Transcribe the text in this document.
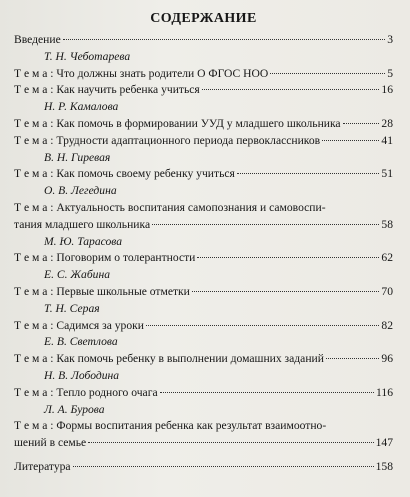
СОДЕРЖАНИЕ
Введение	3
Т. Н. Чеботарева
Т е м а : Что должны знать родители О ФГОС НОО	5
Т е м а : Как научить ребенка учиться	16
Н. Р. Камалова
Т е м а : Как помочь в формировании УУД у младшего школьника	28
Т е м а : Трудности адаптационного периода первоклассников	41
В. Н. Гиревая
Т е м а : Как помочь своему ребенку учиться	51
О. В. Легедина
Т е м а : Актуальность воспитания самопознания и самовоспи-
тания младшего школьника	58
М. Ю. Тарасова
Т е м а : Поговорим о толерантности	62
Е. С. Жабина
Т е м а : Первые школьные отметки	70
Т. Н. Серая
Т е м а : Садимся за уроки	82
Е. В. Светлова
Т е м а : Как помочь ребенку в выполнении домашних заданий	96
Н. В. Лободина
Т е м а : Тепло родного очага	116
Л. А. Бурова
Т е м а : Формы воспитания ребенка как результат взаимоотно-
шений в семье	147
Литература	158
